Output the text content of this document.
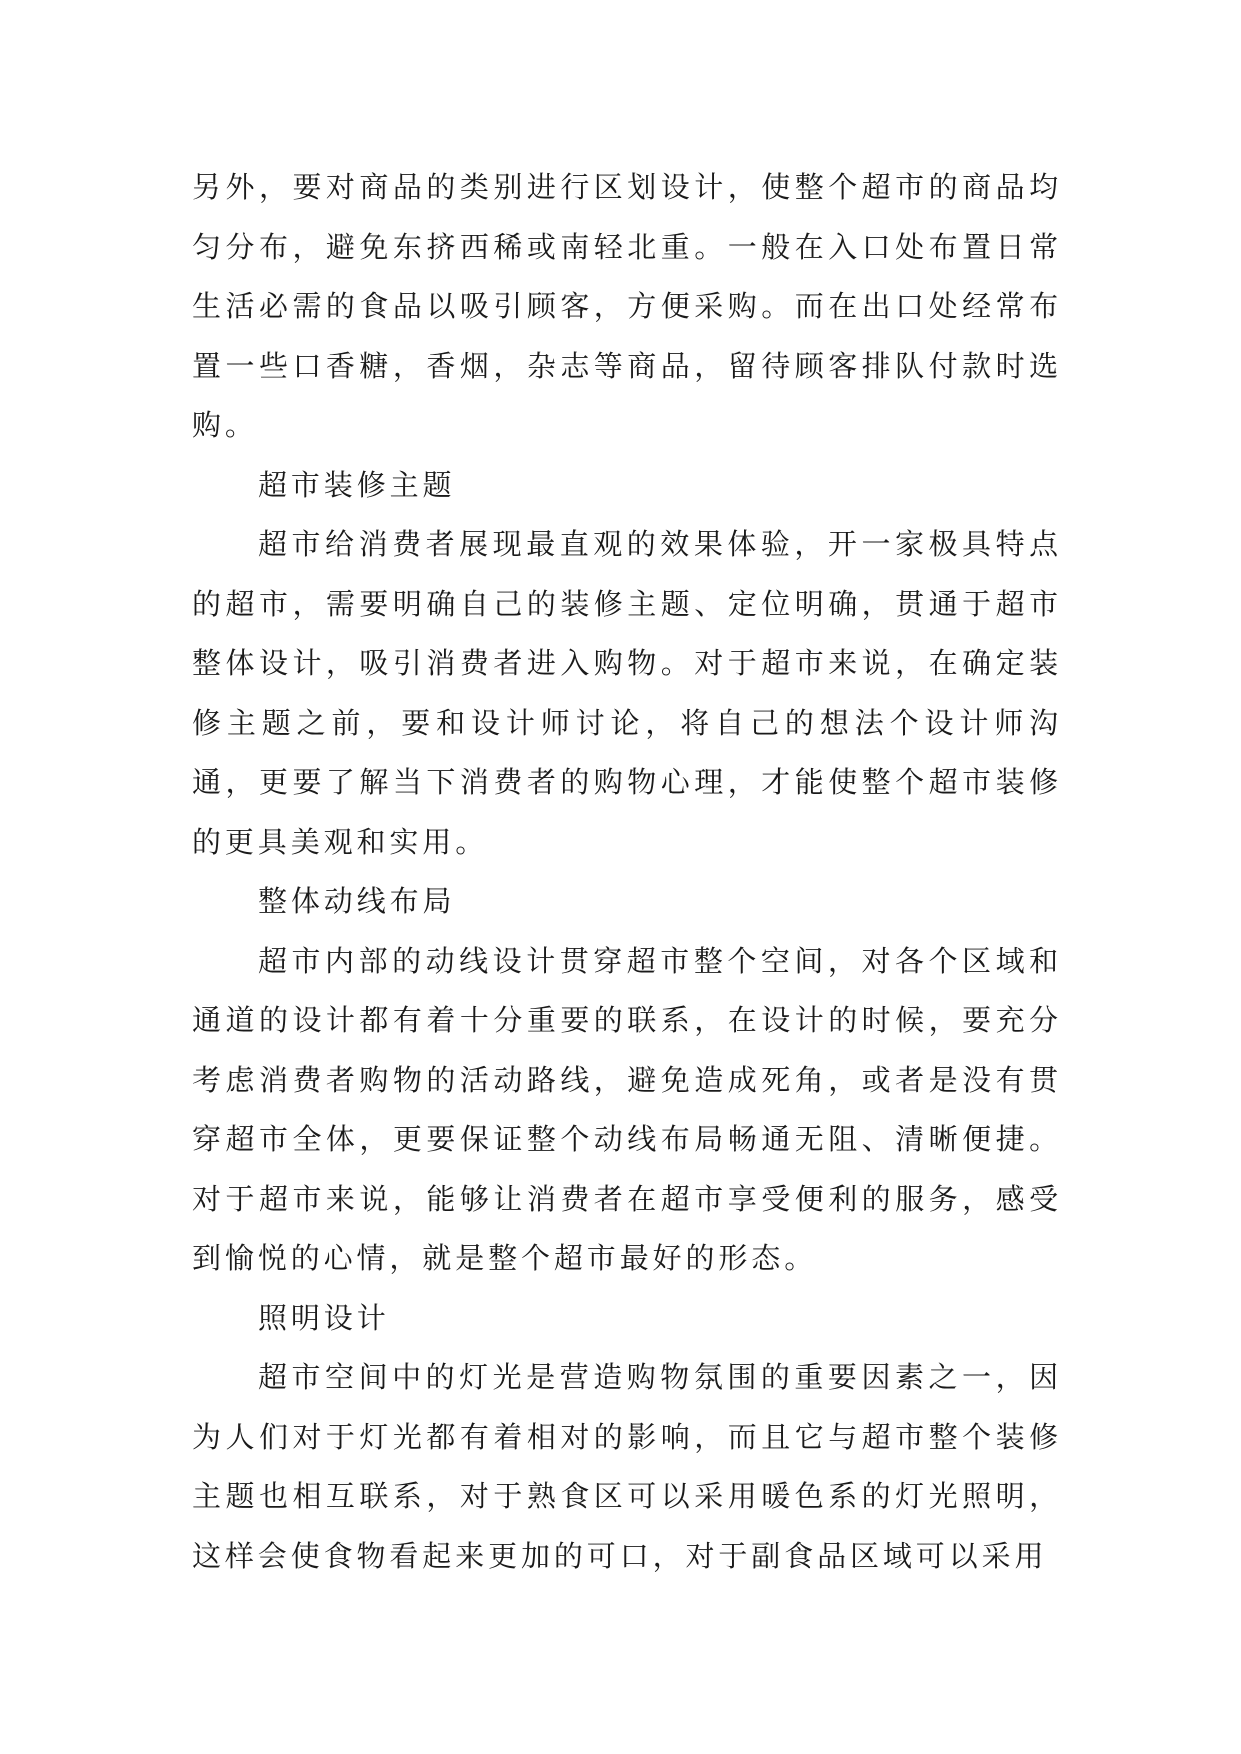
另外，要对商品的类别进行区划设计，使整个超市的商品均匀分布，避免东挤西稀或南轻北重。一般在入口处布置日常生活必需的食品以吸引顾客，方便采购。而在出口处经常布置一些口香糖，香烟，杂志等商品，留待顾客排队付款时选购。

超市装修主题

超市给消费者展现最直观的效果体验，开一家极具特点的超市，需要明确自己的装修主题、定位明确，贯通于超市整体设计，吸引消费者进入购物。对于超市来说，在确定装修主题之前，要和设计师讨论，将自己的想法个设计师沟通，更要了解当下消费者的购物心理，才能使整个超市装修的更具美观和实用。

整体动线布局

超市内部的动线设计贯穿超市整个空间，对各个区域和通道的设计都有着十分重要的联系，在设计的时候，要充分考虑消费者购物的活动路线，避免造成死角，或者是没有贯穿超市全体，更要保证整个动线布局畅通无阻、清晰便捷。对于超市来说，能够让消费者在超市享受便利的服务，感受到愉悦的心情，就是整个超市最好的形态。

照明设计

超市空间中的灯光是营造购物氛围的重要因素之一，因为人们对于灯光都有着相对的影响，而且它与超市整个装修主题也相互联系，对于熟食区可以采用暖色系的灯光照明，这样会使食物看起来更加的可口，对于副食品区域可以采用
